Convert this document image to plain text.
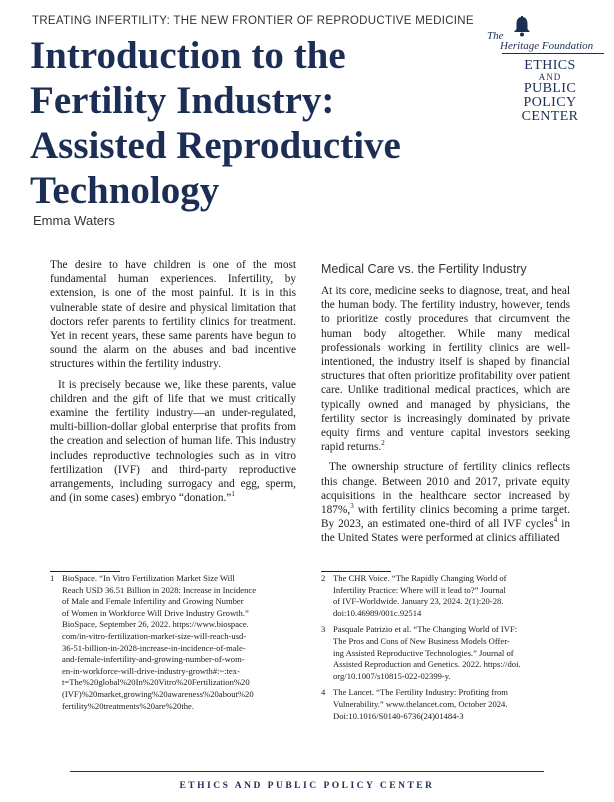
TREATING INFERTILITY: THE NEW FRONTIER OF REPRODUCTIVE MEDICINE
Introduction to the Fertility Industry: Assisted Reproductive Technology
Emma Waters
The
Heritage Foundation
ETHICS
AND
PUBLIC
POLICY
CENTER

The desire to have children is one of the most fundamental human experiences. Infertility, by extension, is one of the most painful. It is in this vulnerable state of desire and physical limitation that doctors refer parents to fertility clinics for treatment. Yet in recent years, these same parents have begun to sound the alarm on the abuses and bad incentive structures within the fertility industry.

It is precisely because we, like these parents, value children and the gift of life that we must critically examine the fertility industry—an under-regulated, multi-billion-dollar global enterprise that profits from the creation and selection of human life. This industry includes reproductive technologies such as in vitro fertilization (IVF) and third-party reproductive arrangements, including surrogacy and egg, sperm, and (in some cases) embryo “donation.”$^1$

Medical Care vs. the Fertility Industry

At its core, medicine seeks to diagnose, treat, and heal the human body. The fertility industry, however, tends to prioritize costly procedures that circumvent the human body altogether. While many medical professionals working in fertility clinics are well-intentioned, the industry itself is shaped by financial structures that often prioritize profitability over patient care. Unlike traditional medical practices, which are typically owned and managed by physicians, the fertility sector is increasingly dominated by private equity firms and venture capital investors seeking rapid returns.$^2$

The ownership structure of fertility clinics reflects this change. Between 2010 and 2017, private equity acquisitions in the healthcare sector increased by 187%,$^3$ with fertility clinics becoming a prime target. By 2023, an estimated one-third of all IVF cycles$^4$ in the United States were performed at clinics affiliated

1 BioSpace. “In Vitro Fertilization Market Size Will
Reach USD 36.51 Billion in 2028: Increase in Incidence
of Male and Female Infertility and Growing Number
of Women in Workforce Will Drive Industry Growth.”
BioSpace, September 26, 2022. https://www.biospace.
com/in-vitro-fertilization-market-size-will-reach-usd-
36-51-billion-in-2028-increase-in-incidence-of-male-
and-female-infertility-and-growing-number-of-wom-
en-in-workforce-will-drive-industry-growth#:~:tex-
t=The%20global%20In%20Vitro%20Fertilization%20
(IVF)%20market,growing%20awareness%20about%20
fertility%20treatments%20are%20the.
2 The CHR Voice. “The Rapidly Changing World of
Infertility Practice: Where will it lead to?” Journal
of IVF-Worldwide. January 23, 2024. 2(1):20-28.
doi:10.46989/001c.92514
3 Pasquale Patrizio et al. “The Changing World of IVF:
The Pros and Cons of New Business Models Offer-
ing Assisted Reproductive Technologies.” Journal of
Assisted Reproduction and Genetics. 2022. https://doi.
org/10.1007/s10815-022-02399-y.
4 The Lancet. “The Fertility Industry: Profiting from
Vulnerability.” www.thelancet.com, October 2024.
Doi:10.1016/S0140-6736(24)01484-3
ETHICS AND PUBLIC POLICY CENTER
